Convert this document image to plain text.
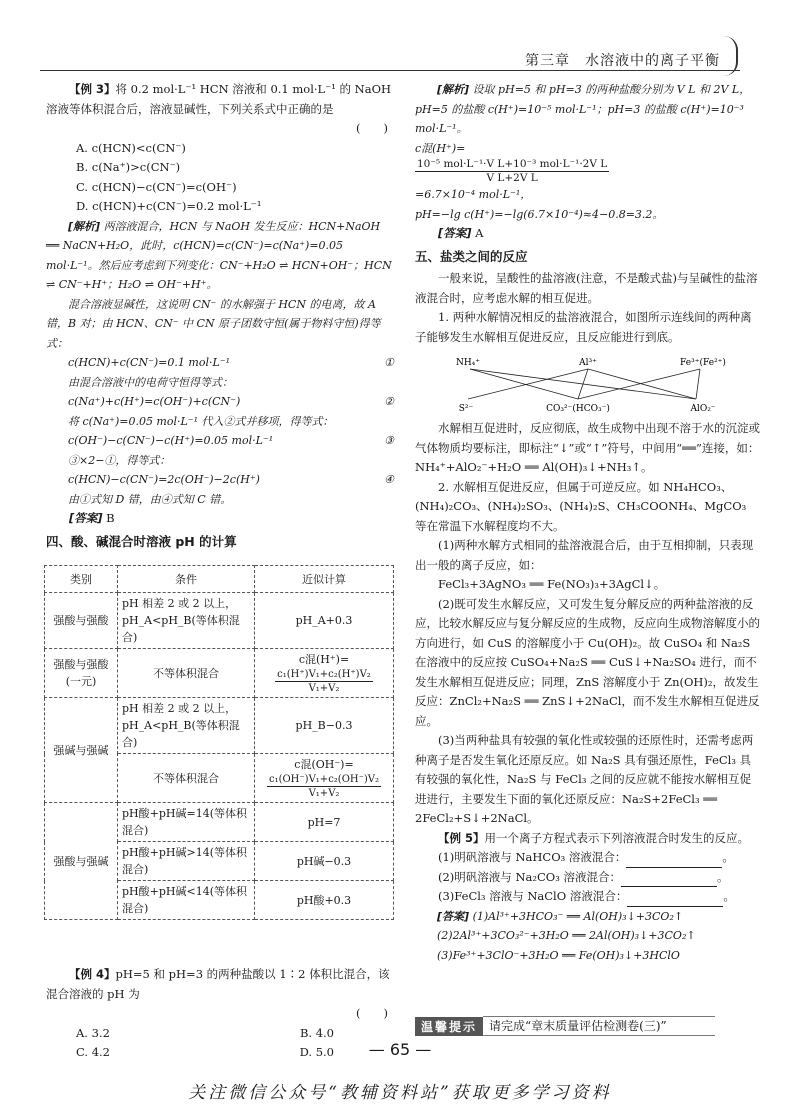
第三章　水溶液中的离子平衡

【例 3】将 0.2 mol·L⁻¹ HCN 溶液和 0.1 mol·L⁻¹ 的 NaOH 溶液等体积混合后，溶液显碱性，下列关系式中正确的是

(　　)
A. c(HCN)<c(CN⁻)
B. c(Na⁺)>c(CN⁻)
C. c(HCN)−c(CN⁻)=c(OH⁻)
D. c(HCN)+c(CN⁻)=0.2 mol·L⁻¹

[解析] 两溶液混合，HCN 与 NaOH 发生反应：HCN+NaOH ══ NaCN+H₂O，此时，c(HCN)=c(CN⁻)=c(Na⁺)=0.05 mol·L⁻¹。然后应考虑到下列变化：CN⁻+H₂O ⇌ HCN+OH⁻；HCN ⇌ CN⁻+H⁺；H₂O ⇌ OH⁻+H⁺。

混合溶液显碱性，这说明 CN⁻ 的水解强于 HCN 的电离，故 A 错，B 对；由 HCN、CN⁻ 中 CN 原子团数守恒(属于物料守恒)得等式：

c(HCN)+c(CN⁻)=0.1 mol·L⁻¹	①
由混合溶液中的电荷守恒得等式：
c(Na⁺)+c(H⁺)=c(OH⁻)+c(CN⁻)	②
将 c(Na⁺)=0.05 mol·L⁻¹ 代入②式并移项，得等式：
c(OH⁻)−c(CN⁻)−c(H⁺)=0.05 mol·L⁻¹	③
③×2−①，得等式：
c(HCN)−c(CN⁻)=2c(OH⁻)−2c(H⁺)	④
由①式知 D 错，由④式知 C 错。
[答案] B
四、酸、碱混合时溶液 pH 的计算
类别	条件	近似计算
强酸与强酸	pH 相差 2 或 2 以上，pH_A<pH_B(等体积混合)	pH_A+0.3
强酸与强酸(一元)	不等体积混合	c混(H⁺)=
$\frac{\text{c₁(H⁺)V₁+c₂(H⁺)V₂}}{\text{V₁+V₂}}$

强碱与强碱	pH 相差 2 或 2 以上，pH_A<pH_B(等体积混合)	pH_B−0.3
	不等体积混合	c混(OH⁻)=
$\frac{\text{c₁(OH⁻)V₁+c₂(OH⁻)V₂}}{\text{V₁+V₂}}$

强酸与强碱	pH酸+pH碱=14(等体积混合)	pH=7
	pH酸+pH碱>14(等体积混合)	pH碱−0.3
	pH酸+pH碱<14(等体积混合)	pH酸+0.3

【例 4】pH=5 和 pH=3 的两种盐酸以 1∶2 体积比混合，该混合溶液的 pH 为

(　　)
A. 3.2	B. 4.0
C. 4.2	D. 5.0

[解析] 设取 pH=5 和 pH=3 的两种盐酸分别为 V L 和 2V L，pH=5 的盐酸 c(H⁺)=10⁻⁵ mol·L⁻¹；pH=3 的盐酸 c(H⁺)=10⁻³ mol·L⁻¹。

c混(H⁺)=
$\frac{\text{10⁻⁵ mol·L⁻¹·V L+10⁻³ mol·L⁻¹·2V L}}{\text{V L+2V L}}$
=6.7×10⁻⁴ mol·L⁻¹，
pH=−lg c(H⁺)=−lg(6.7×10⁻⁴)≈4−0.8=3.2。
[答案] A
五、盐类之间的反应

一般来说，呈酸性的盐溶液(注意，不是酸式盐)与呈碱性的盐溶液混合时，应考虑水解的相互促进。

1. 两种水解情况相反的盐溶液混合，如图所示连线间的两种离子能够发生水解相互促进反应，且反应能进行到底。

NH₄⁺	Al³⁺	Fe³⁺(Fe²⁺)
S²⁻	CO₃²⁻(HCO₃⁻)	AlO₂⁻

水解相互促进时，反应彻底，故生成物中出现不溶于水的沉淀或气体物质均要标注，即标注“↓”或“↑”符号，中间用“══”连接，如：NH₄⁺+AlO₂⁻+H₂O ══ Al(OH)₃↓+NH₃↑。

2. 水解相互促进反应，但属于可逆反应。如 NH₄HCO₃、(NH₄)₂CO₃、(NH₄)₂SO₃、(NH₄)₂S、CH₃COONH₄、MgCO₃ 等在常温下水解程度均不大。

(1)两种水解方式相同的盐溶液混合后，由于互相抑制，只表现出一般的离子反应，如：

FeCl₃+3AgNO₃ ══ Fe(NO₃)₃+3AgCl↓。

(2)既可发生水解反应，又可发生复分解反应的两种盐溶液的反应，比较水解反应与复分解反应的生成物，反应向生成物溶解度小的方向进行，如 CuS 的溶解度小于 Cu(OH)₂。故 CuSO₄ 和 Na₂S 在溶液中的反应按 CuSO₄+Na₂S ══ CuS↓+Na₂SO₄ 进行，而不发生水解相互促进反应；同理，ZnS 溶解度小于 Zn(OH)₂，故发生反应：ZnCl₂+Na₂S ══ ZnS↓+2NaCl，而不发生水解相互促进反应。

(3)当两种盐具有较强的氧化性或较强的还原性时，还需考虑两种离子是否发生氧化还原反应。如 Na₂S 具有强还原性，FeCl₃ 具有较强的氧化性，Na₂S 与 FeCl₃ 之间的反应就不能按水解相互促进进行，主要发生下面的氧化还原反应：Na₂S+2FeCl₃ ══ 2FeCl₂+S↓+2NaCl。

【例 5】用一个离子方程式表示下列溶液混合时发生的反应。

(1)明矾溶液与 NaHCO₃ 溶液混合：	。
(2)明矾溶液与 Na₂CO₃ 溶液混合：	。
(3)FeCl₃ 溶液与 NaClO 溶液混合：	。
[答案] (1)Al³⁺+3HCO₃⁻ ══ Al(OH)₃↓+3CO₂↑
(2)2Al³⁺+3CO₃²⁻+3H₂O ══ 2Al(OH)₃↓+3CO₂↑
(3)Fe³⁺+3ClO⁻+3H₂O ══ Fe(OH)₃↓+3HClO
温馨提示	请完成“章末质量评估检测卷(三)”
— 65 —
关注微信公众号“教辅资料站”获取更多学习资料
